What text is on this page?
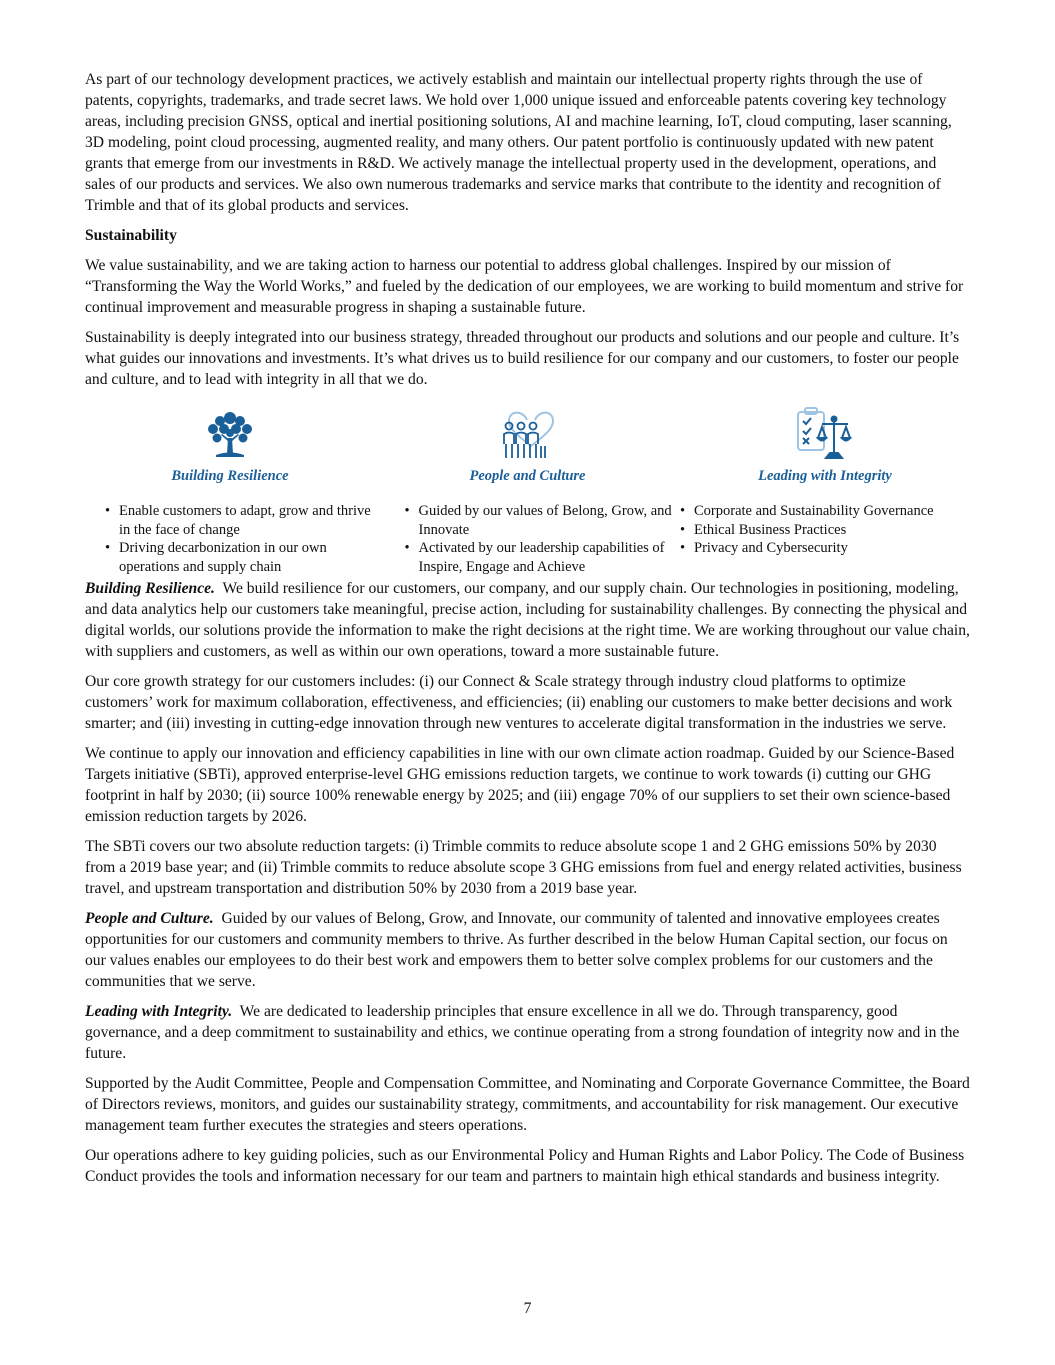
As part of our technology development practices, we actively establish and maintain our intellectual property rights through the use of patents, copyrights, trademarks, and trade secret laws. We hold over 1,000 unique issued and enforceable patents covering key technology areas, including precision GNSS, optical and inertial positioning solutions, AI and machine learning, IoT, cloud computing, laser scanning, 3D modeling, point cloud processing, augmented reality, and many others. Our patent portfolio is continuously updated with new patent grants that emerge from our investments in R&D. We actively manage the intellectual property used in the development, operations, and sales of our products and services. We also own numerous trademarks and service marks that contribute to the identity and recognition of Trimble and that of its global products and services.

Sustainability

We value sustainability, and we are taking action to harness our potential to address global challenges. Inspired by our mission of “Transforming the Way the World Works,” and fueled by the dedication of our employees, we are working to build momentum and strive for continual improvement and measurable progress in shaping a sustainable future.

Sustainability is deeply integrated into our business strategy, threaded throughout our products and solutions and our people and culture. It’s what guides our innovations and investments. It’s what drives us to build resilience for our company and our customers, to foster our people and culture, and to lead with integrity in all that we do.

Building Resilience
• Enable customers to adapt, grow and thrive in the face of change
• Driving decarbonization in our own operations and supply chain
People and Culture
• Guided by our values of Belong, Grow, and Innovate
• Activated by our leadership capabilities of Inspire, Engage and Achieve
Leading with Integrity
• Corporate and Sustainability Governance
• Ethical Business Practices
• Privacy and Cybersecurity

Building Resilience. We build resilience for our customers, our company, and our supply chain. Our technologies in positioning, modeling, and data analytics help our customers take meaningful, precise action, including for sustainability challenges. By connecting the physical and digital worlds, our solutions provide the information to make the right decisions at the right time. We are working throughout our value chain, with suppliers and customers, as well as within our own operations, toward a more sustainable future.

Our core growth strategy for our customers includes: (i) our Connect & Scale strategy through industry cloud platforms to optimize customers’ work for maximum collaboration, effectiveness, and efficiencies; (ii) enabling our customers to make better decisions and work smarter; and (iii) investing in cutting-edge innovation through new ventures to accelerate digital transformation in the industries we serve.

We continue to apply our innovation and efficiency capabilities in line with our own climate action roadmap. Guided by our Science-Based Targets initiative (SBTi), approved enterprise-level GHG emissions reduction targets, we continue to work towards (i) cutting our GHG footprint in half by 2030; (ii) source 100% renewable energy by 2025; and (iii) engage 70% of our suppliers to set their own science-based emission reduction targets by 2026.

The SBTi covers our two absolute reduction targets: (i) Trimble commits to reduce absolute scope 1 and 2 GHG emissions 50% by 2030 from a 2019 base year; and (ii) Trimble commits to reduce absolute scope 3 GHG emissions from fuel and energy related activities, business travel, and upstream transportation and distribution 50% by 2030 from a 2019 base year.

People and Culture. Guided by our values of Belong, Grow, and Innovate, our community of talented and innovative employees creates opportunities for our customers and community members to thrive. As further described in the below Human Capital section, our focus on our values enables our employees to do their best work and empowers them to better solve complex problems for our customers and the communities that we serve.

Leading with Integrity. We are dedicated to leadership principles that ensure excellence in all we do. Through transparency, good governance, and a deep commitment to sustainability and ethics, we continue operating from a strong foundation of integrity now and in the future.

Supported by the Audit Committee, People and Compensation Committee, and Nominating and Corporate Governance Committee, the Board of Directors reviews, monitors, and guides our sustainability strategy, commitments, and accountability for risk management. Our executive management team further executes the strategies and steers operations.

Our operations adhere to key guiding policies, such as our Environmental Policy and Human Rights and Labor Policy. The Code of Business Conduct provides the tools and information necessary for our team and partners to maintain high ethical standards and business integrity.

7
